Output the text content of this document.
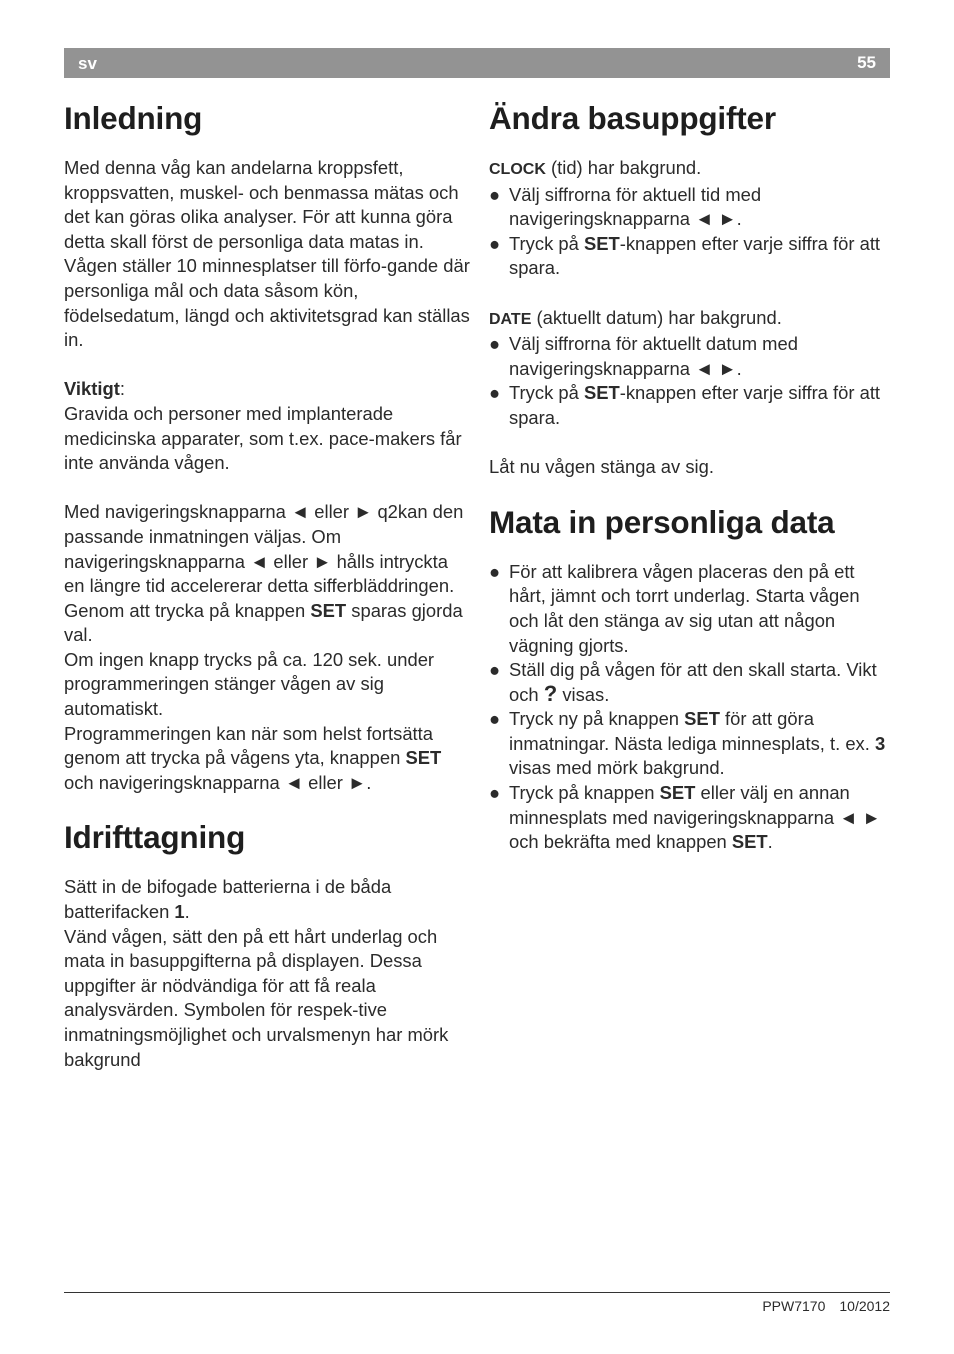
sv	55
Inledning

Med denna våg kan andelarna kroppsfett, kroppsvatten, muskel- och benmassa mätas och det kan göras olika analyser. För att kunna göra detta skall först de personliga data matas in.

Vågen ställer 10 minnesplatser till förfo-gande där personliga mål och data såsom kön, födelsedatum, längd och aktivitetsgrad kan ställas in.

Viktigt:

Gravida och personer med implanterade medicinska apparater, som t.ex. pace-makers får inte använda vågen.

Med navigeringsknapparna ◄ eller ► q2kan den passande inmatningen väljas. Om navigeringsknapparna ◄ eller ► hålls intryckta en längre tid accelererar detta sifferbläddringen.

Genom att trycka på knappen SET sparas gjorda val.

Om ingen knapp trycks på ca. 120 sek. under programmeringen stänger vågen av sig automatiskt.

Programmeringen kan när som helst fortsätta genom att trycka på vågens yta, knappen SET och navigeringsknapparna ◄ eller ►.

Idrifttagning

Sätt in de bifogade batterierna i de båda batterifacken 1.

Vänd vågen, sätt den på ett hårt underlag och mata in basuppgifterna på displayen. Dessa uppgifter är nödvändiga för att få reala analysvärden. Symbolen för respek-tive inmatningsmöjlighet och urvalsmenyn har mörk bakgrund

Ändra basuppgifter

CLOCK (tid) har bakgrund.

● Välj siffrorna för aktuell tid med navigeringsknapparna ◄ ►.
● Tryck på SET-knappen efter varje siffra för att spara.

DATE (aktuellt datum) har bakgrund.

● Välj siffrorna för aktuellt datum med navigeringsknapparna ◄ ►.
● Tryck på SET-knappen efter varje siffra för att spara.

Låt nu vågen stänga av sig.

Mata in personliga data
● För att kalibrera vågen placeras den på ett hårt, jämnt och torrt underlag. Starta vågen och låt den stänga av sig utan att någon vägning gjorts.
● Ställ dig på vågen för att den skall starta. Vikt och ? visas.
● Tryck ny på knappen SET för att göra inmatningar. Nästa lediga minnesplats, t. ex. 3 visas med mörk bakgrund.
● Tryck på knappen SET eller välj en annan minnesplats med navigeringsknapparna ◄ ► och bekräfta med knappen SET.
PPW7170 10/2012
